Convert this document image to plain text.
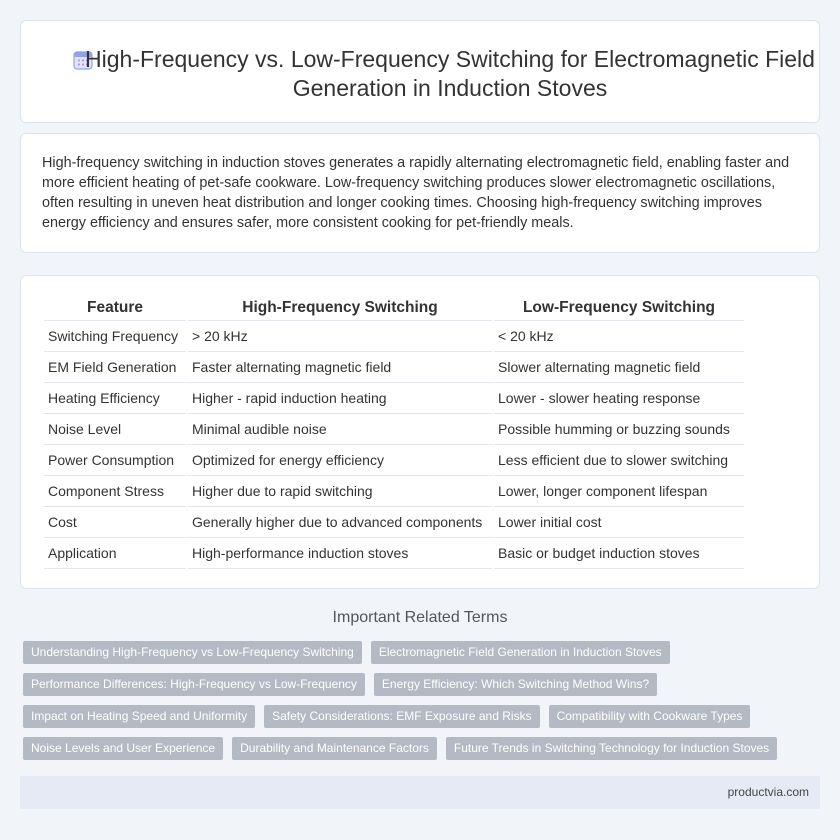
High-Frequency vs. Low-Frequency Switching for Electromagnetic Field Generation in Induction Stoves

High-frequency switching in induction stoves generates a rapidly alternating electromagnetic field, enabling faster and more efficient heating of pet-safe cookware. Low-frequency switching produces slower electromagnetic oscillations, often resulting in uneven heat distribution and longer cooking times. Choosing high-frequency switching improves energy efficiency and ensures safer, more consistent cooking for pet-friendly meals.

Feature	High-Frequency Switching	Low-Frequency Switching
Switching Frequency	> 20 kHz	< 20 kHz
EM Field Generation	Faster alternating magnetic field	Slower alternating magnetic field
Heating Efficiency	Higher - rapid induction heating	Lower - slower heating response
Noise Level	Minimal audible noise	Possible humming or buzzing sounds
Power Consumption	Optimized for energy efficiency	Less efficient due to slower switching
Component Stress	Higher due to rapid switching	Lower, longer component lifespan
Cost	Generally higher due to advanced components	Lower initial cost
Application	High-performance induction stoves	Basic or budget induction stoves
Important Related Terms
Understanding High-Frequency vs Low-Frequency Switching	Electromagnetic Field Generation in Induction Stoves
Performance Differences: High-Frequency vs Low-Frequency	Energy Efficiency: Which Switching Method Wins?
Impact on Heating Speed and Uniformity	Safety Considerations: EMF Exposure and Risks	Compatibility with Cookware Types
Noise Levels and User Experience	Durability and Maintenance Factors	Future Trends in Switching Technology for Induction Stoves
productvia.com
